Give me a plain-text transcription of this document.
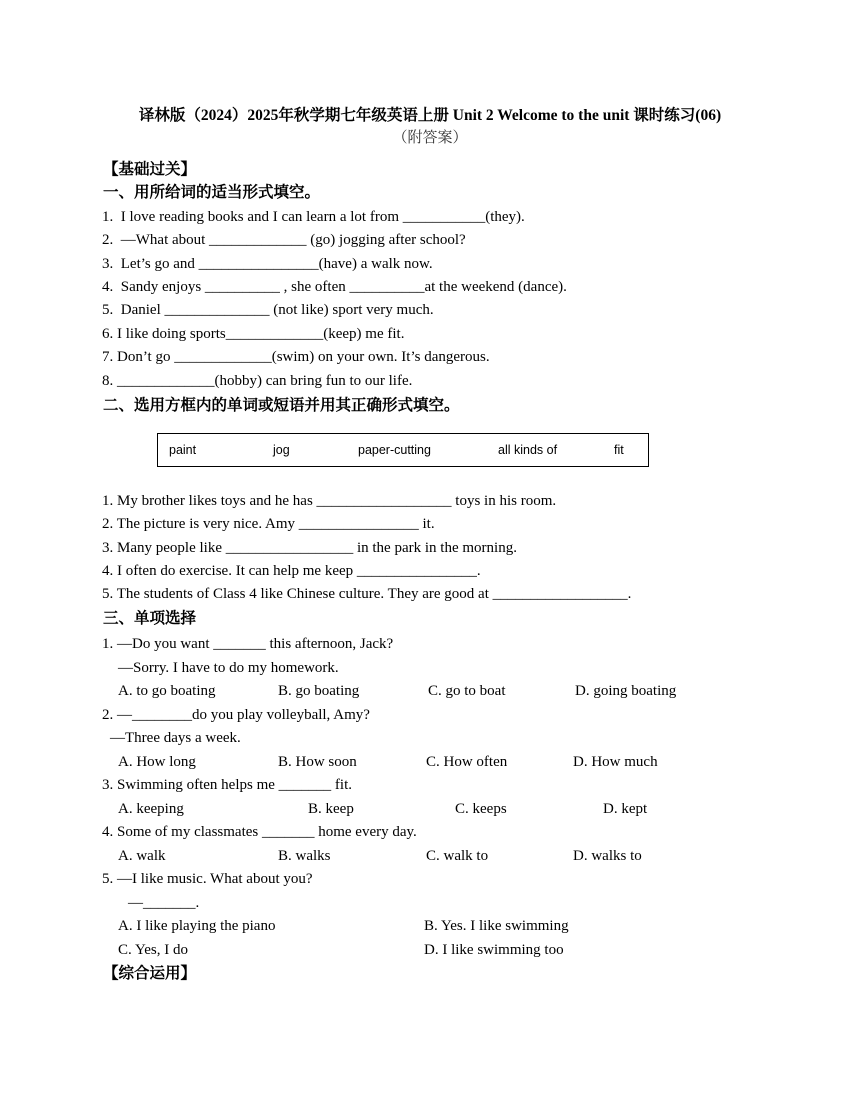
译林版（2024）2025年秋学期七年级英语上册 Unit 2 Welcome to the unit 课时练习(06)
（附答案）
【基础过关】
一、用所给词的适当形式填空。
1.  I love reading books and I can learn a lot from ___________(they).
2.  —What about _____________ (go) jogging after school?
3.  Let’s go and ________________(have) a walk now.
4.  Sandy enjoys __________ , she often __________at the weekend (dance).
5.  Daniel ______________ (not like) sport very much.
6. I like doing sports_____________(keep) me fit.
7. Don’t go _____________(swim) on your own. It’s dangerous.
8. _____________(hobby) can bring fun to our life.
二、选用方框内的单词或短语并用其正确形式填空。
paint	jog	paper-cutting	all kinds of	fit
1. My brother likes toys and he has __________________ toys in his room.
2. The picture is very nice. Amy ________________ it.
3. Many people like _________________ in the park in the morning.
4. I often do exercise. It can help me keep ________________.
5. The students of Class 4 like Chinese culture. They are good at __________________.
三、单项选择
1. —Do you want _______ this afternoon, Jack?
—Sorry. I have to do my homework.
A. to go boating	B. go boating	C. go to boat	D. going boating
2. —________do you play volleyball, Amy?
—Three days a week.
A. How long	B. How soon	C. How often	D. How much
3. Swimming often helps me _______ fit.
A. keeping	B. keep	C. keeps	D. kept
4. Some of my classmates _______ home every day.
A. walk	B. walks	C. walk to	D. walks to
5. —I like music. What about you?
—_______.
A. I like playing the piano	B. Yes. I like swimming
C. Yes, I do	D. I like swimming too
【综合运用】
